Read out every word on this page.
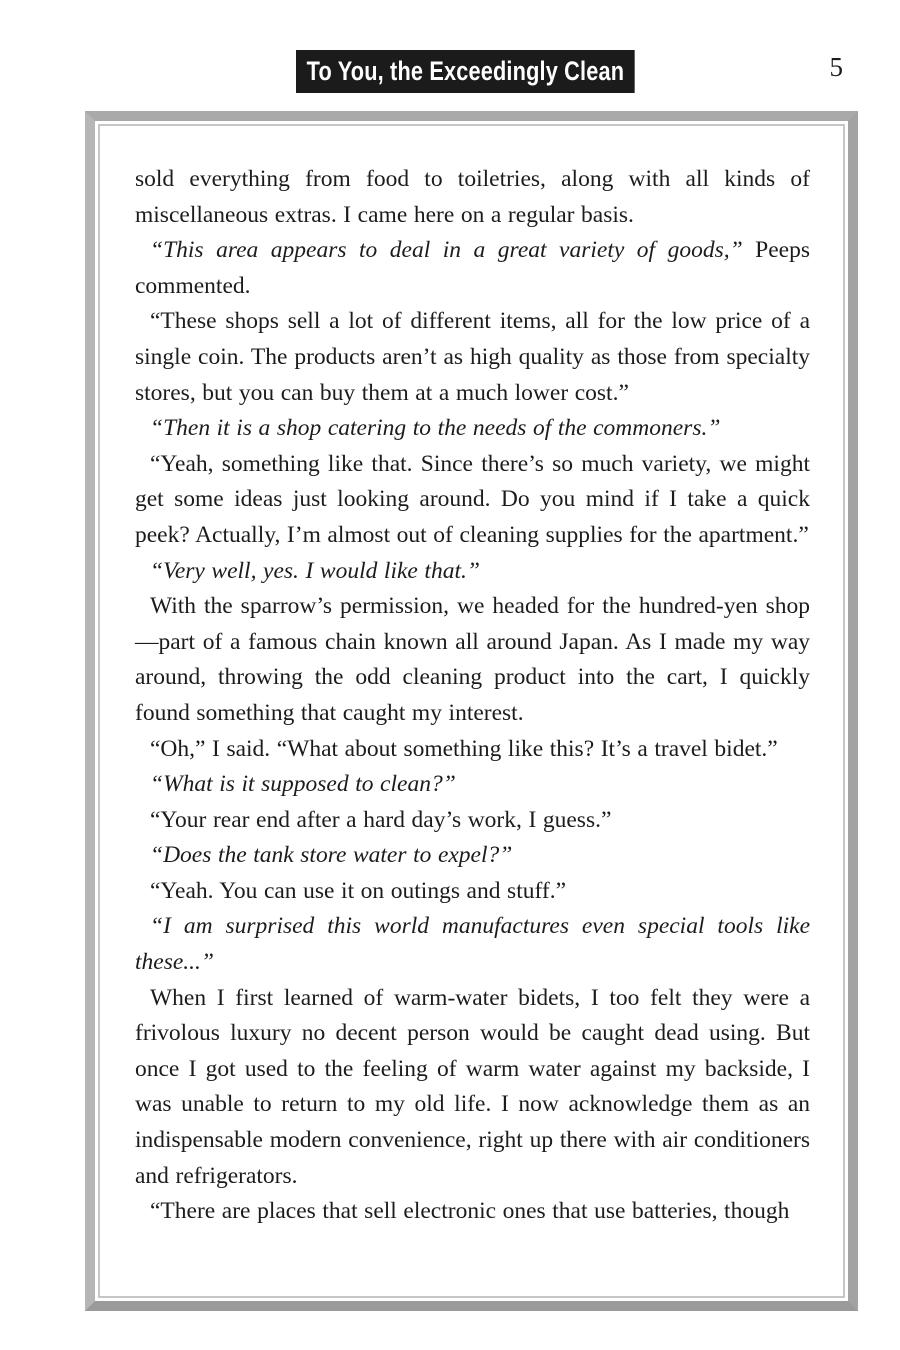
To You, the Exceedingly Clean	5

sold everything from food to toiletries, along with all kinds of miscellaneous extras. I came here on a regular basis.

“This area appears to deal in a great variety of goods,” Peeps commented.

“These shops sell a lot of different items, all for the low price of a single coin. The products aren’t as high quality as those from specialty stores, but you can buy them at a much lower cost.”

“Then it is a shop catering to the needs of the commoners.”

“Yeah, something like that. Since there’s so much variety, we might get some ideas just looking around. Do you mind if I take a quick peek? Actually, I’m almost out of cleaning supplies for the apartment.”

“Very well, yes. I would like that.”

With the sparrow’s permission, we headed for the hundred-yen shop—part of a famous chain known all around Japan. As I made my way around, throwing the odd cleaning product into the cart, I quickly found something that caught my interest.

“Oh,” I said. “What about something like this? It’s a travel bidet.”

“What is it supposed to clean?”

“Your rear end after a hard day’s work, I guess.”

“Does the tank store water to expel?”

“Yeah. You can use it on outings and stuff.”

“I am surprised this world manufactures even special tools like these...”

When I first learned of warm-water bidets, I too felt they were a frivolous luxury no decent person would be caught dead using. But once I got used to the feeling of warm water against my backside, I was unable to return to my old life. I now acknowledge them as an indispensable modern convenience, right up there with air conditioners and refrigerators.

“There are places that sell electronic ones that use batteries, though
